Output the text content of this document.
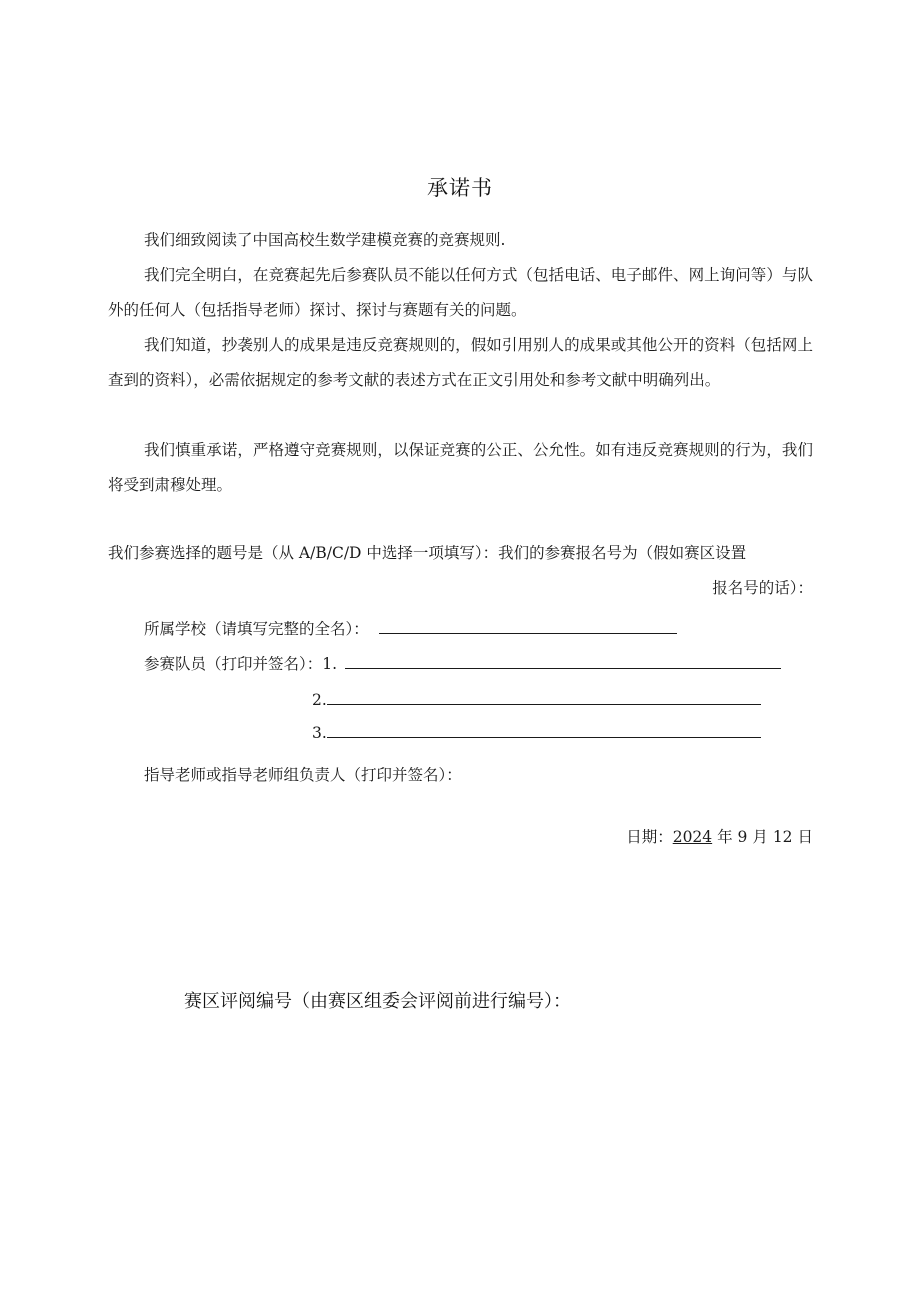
承诺书

我们细致阅读了中国高校生数学建模竞赛的竞赛规则.

我们完全明白，在竞赛起先后参赛队员不能以任何方式（包括电话、电子邮件、网上询问等）与队外的任何人（包括指导老师）探讨、探讨与赛题有关的问题。

我们知道，抄袭别人的成果是违反竞赛规则的，假如引用别人的成果或其他公开的资料（包括网上查到的资料），必需依据规定的参考文献的表述方式在正文引用处和参考文献中明确列出。

我们慎重承诺，严格遵守竞赛规则，以保证竞赛的公正、公允性。如有违反竞赛规则的行为，我们将受到肃穆处理。

我们参赛选择的题号是（从 A/B/C/D 中选择一项填写）：我们的参赛报名号为（假如赛区设置
报名号的话）：
所属学校（请填写完整的全名）：
参赛队员（打印并签名）：1.
2.
3.
指导老师或指导老师组负责人（打印并签名）：
日期：2024 年 9 月 12 日
赛区评阅编号（由赛区组委会评阅前进行编号）：
